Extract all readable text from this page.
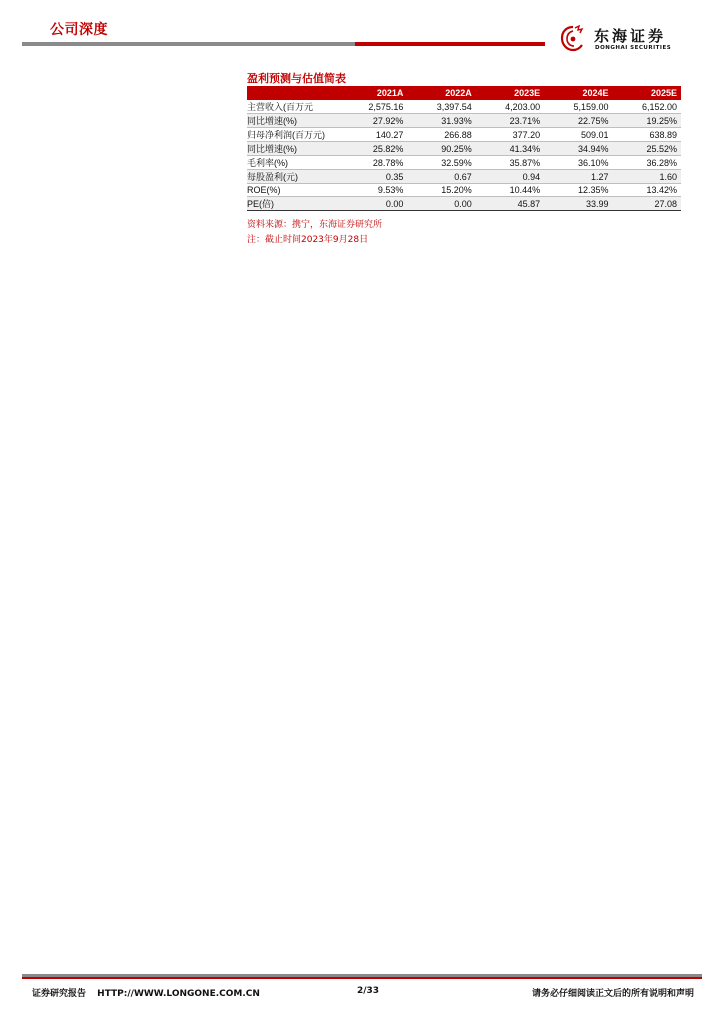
公司深度	东海证券
DONGHAI SECURITIES
盈利预测与估值简表
	2021A	2022A	2023E	2024E	2025E
主营收入(百万元	2,575.16	3,397.54	4,203.00	5,159.00	6,152.00
同比增速(%)	27.92%	31.93%	23.71%	22.75%	19.25%
归母净利润(百万元)	140.27	266.88	377.20	509.01	638.89
同比增速(%)	25.82%	90.25%	41.34%	34.94%	25.52%
毛利率(%)	28.78%	32.59%	35.87%	36.10%	36.28%
每股盈利(元)	0.35	0.67	0.94	1.27	1.60
ROE(%)	9.53%	15.20%	10.44%	12.35%	13.42%
PE(倍)	0.00	0.00	45.87	33.99	27.08
资料来源：携宁，东海证券研究所
注：截止时间2023年9月28日
证券研究报告 HTTP://WWW.LONGONE.COM.CN	2/33	请务必仔细阅读正文后的所有说明和声明
